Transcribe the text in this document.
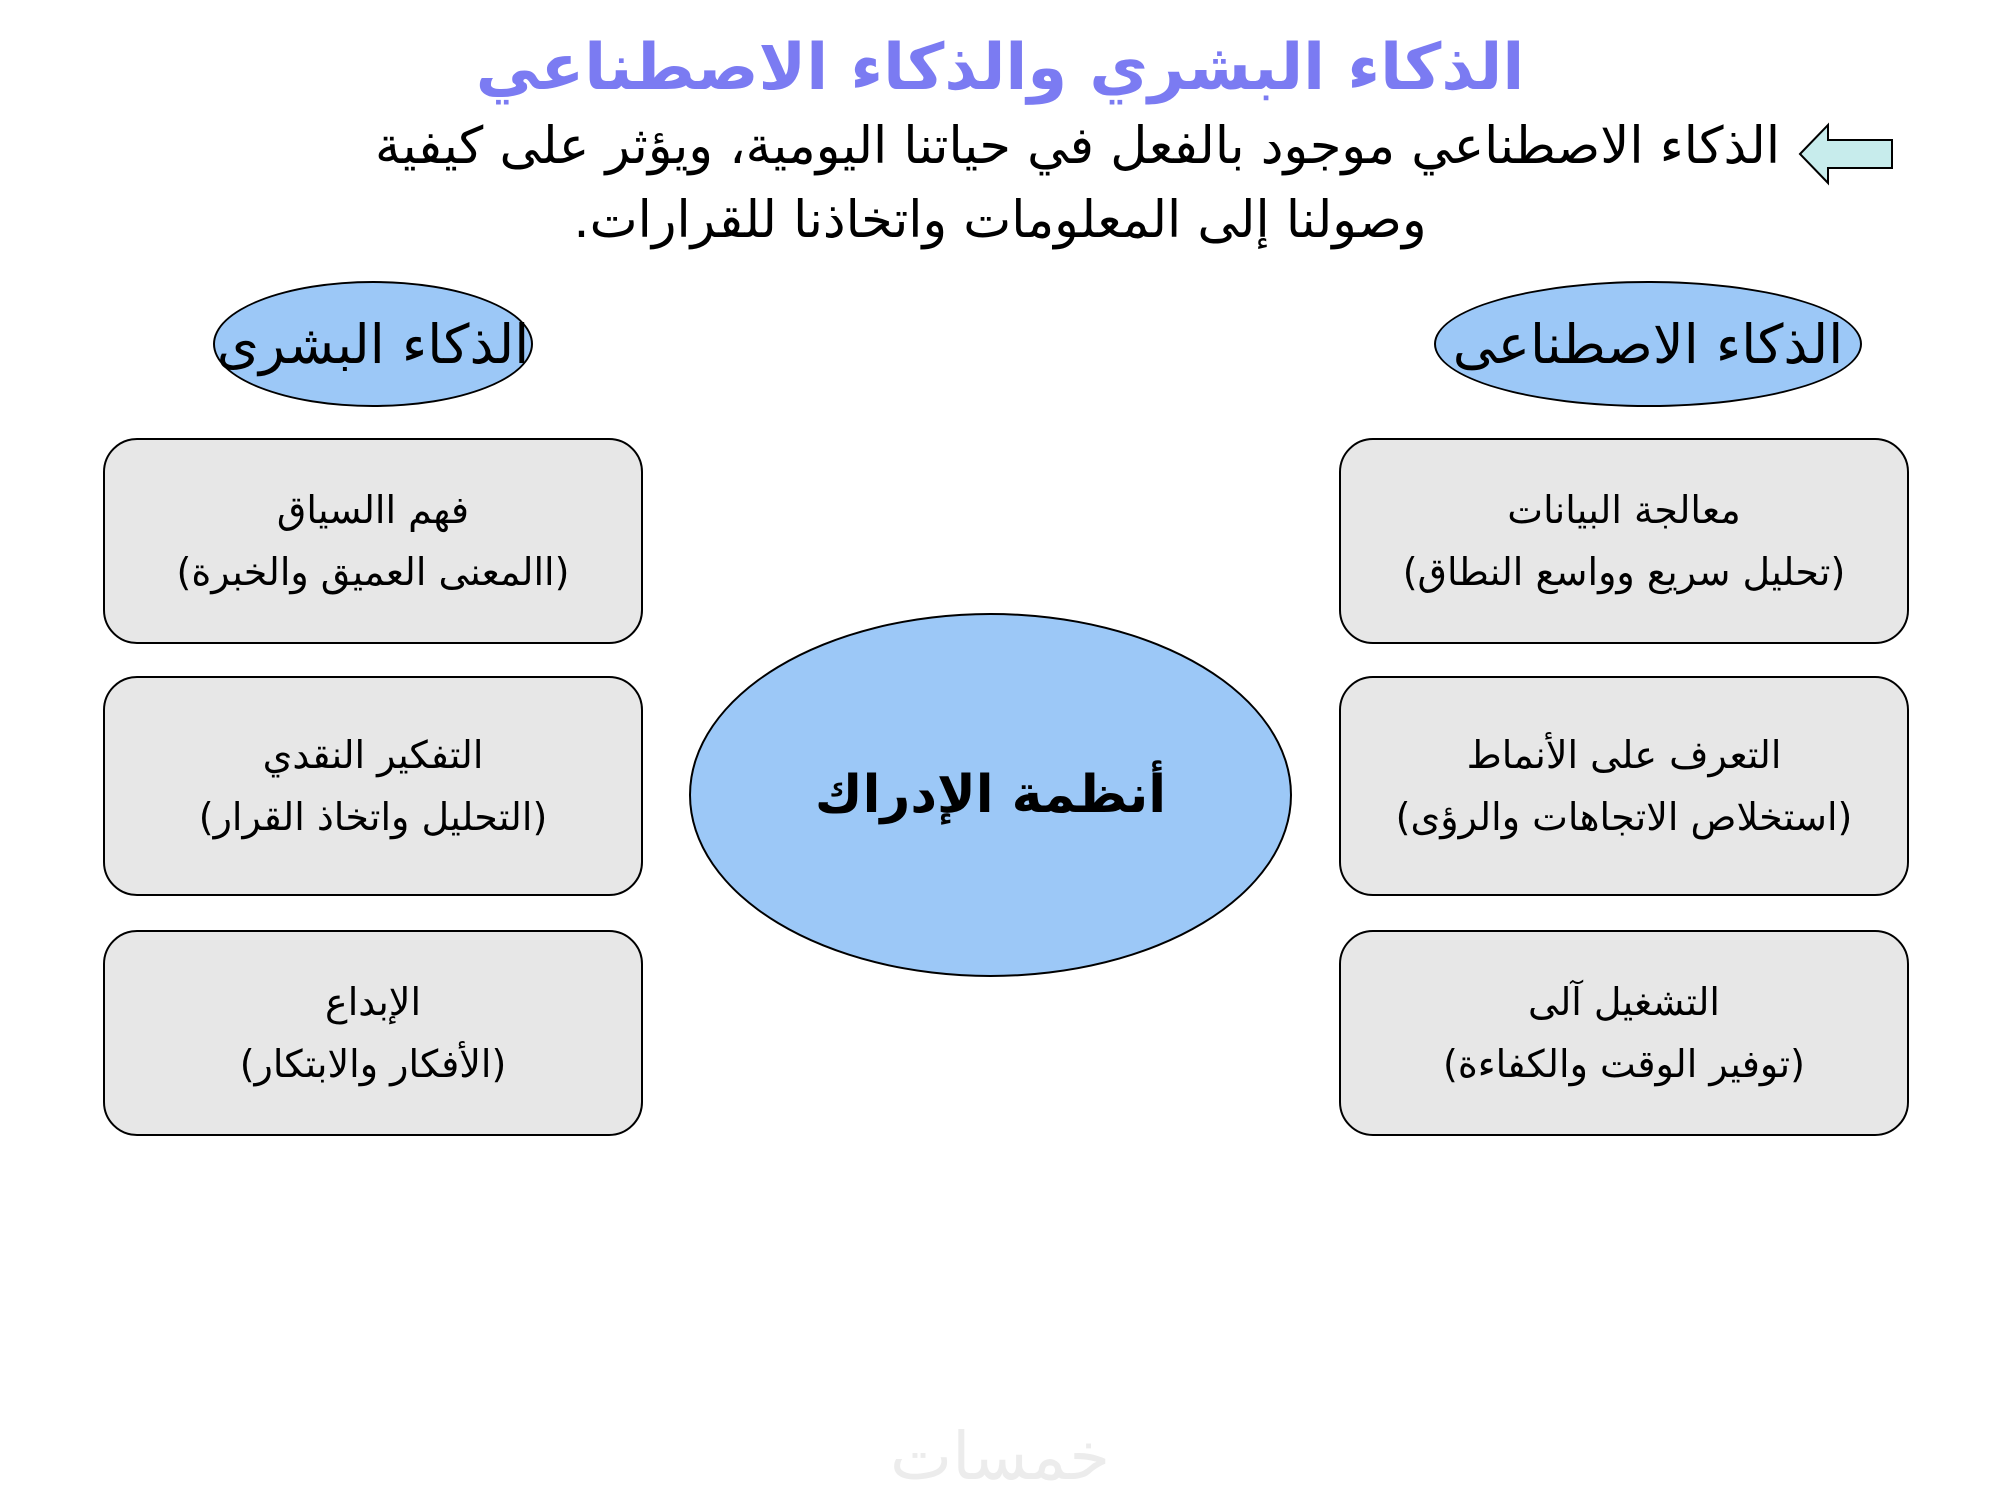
الذكاء البشري والذكاء الاصطناعي
الذكاء الاصطناعي موجود بالفعل في حياتنا اليومية، ويؤثر على كيفية
وصولنا إلى المعلومات واتخاذنا للقرارات.
الذكاء البشرى	الذكاء الاصطناعى
فهم االسياق
(االمعنى العميق والخبرة)
التفكير النقدي
(التحليل واتخاذ القرار)
الإبداع
(الأفكار والابتكار)
معالجة البيانات
(تحليل سريع وواسع النطاق)
التعرف على الأنماط
(استخلاص الاتجاهات والرؤى)
التشغيل آلى
(توفير الوقت والكفاءة)
أنظمة الإدراك
خمسات
